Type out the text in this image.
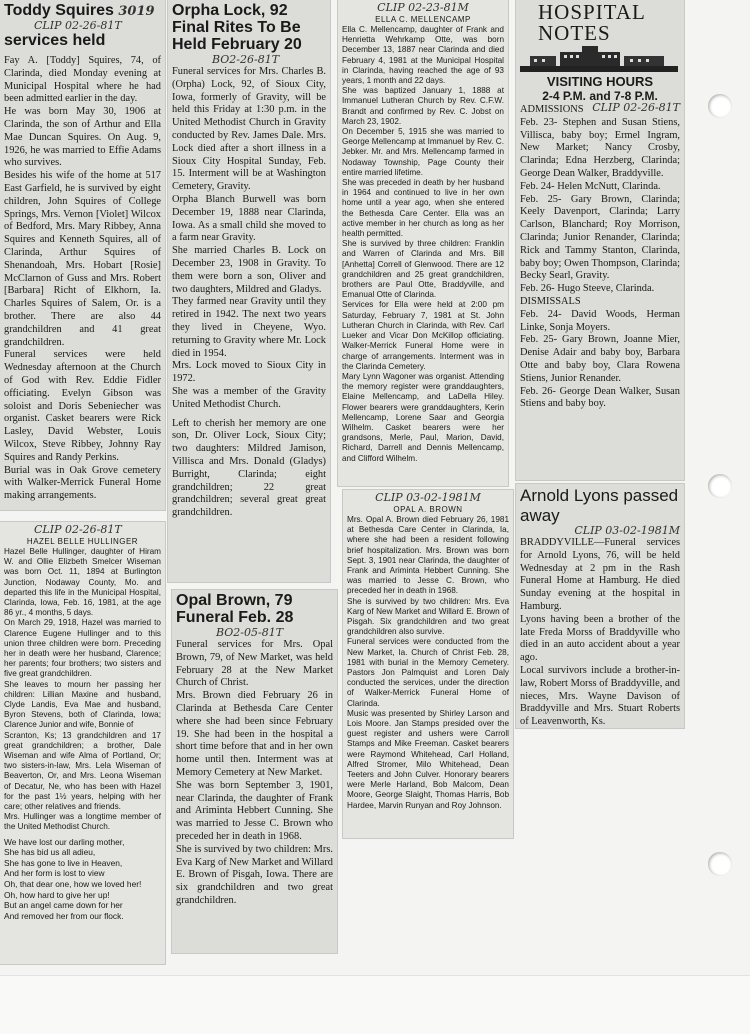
Toddy Squires 3019
CLIP 02-26-81T
services held

Fay A. [Toddy] Squires, 74, of Clarinda, died Monday evening at Municipal Hospital where he had been admitted earlier in the day.

He was born May 30, 1906 at Clarinda, the son of Arthur and Ella Mae Duncan Squires. On Aug. 9, 1926, he was married to Effie Adams who survives.

Besides his wife of the home at 517 East Garfield, he is survived by eight children, John Squires of College Springs, Mrs. Vernon [Violet] Wilcox of Bedford, Mrs. Mary Ribbey, Anna Squires and Kenneth Squires, all of Clarinda, Arthur Squires of Shenandoah, Mrs. Hobart [Rosie] McClarnon of Guss and Mrs. Robert [Barbara] Richt of Elkhorn, Ia. Charles Squires of Salem, Or. is a brother. There are also 44 grandchildren and 41 great grandchildren.

Funeral services were held Wednesday afternoon at the Church of God with Rev. Eddie Fidler officiating. Evelyn Gibson was soloist and Doris Sebeniecher was organist. Casket bearers were Rick Lasley, David Webster, Louis Wilcox, Steve Ribbey, Johnny Ray Squires and Randy Perkins.

Burial was in Oak Grove cemetery with Walker-Merrick Funeral Home making arrangements.

Orpha Lock, 92 Final Rites To Be Held February 20
BO2-26-81T

Funeral services for Mrs. Charles B. (Orpha) Lock, 92, of Sioux City, Iowa, formerly of Gravity, will be held this Friday at 1:30 p.m. in the United Methodist Church in Gravity conducted by Rev. James Dale. Mrs. Lock died after a short illness in a Sioux City Hospital Sunday, Feb. 15. Interment will be at Washington Cemetery, Gravity.

Orpha Blanch Burwell was born December 19, 1888 near Clarinda, Iowa. As a small child she moved to a farm near Gravity.

She married Charles B. Lock on December 23, 1908 in Gravity. To them were born a son, Oliver and two daughters, Mildred and Gladys.

They farmed near Gravity until they retired in 1942. The next two years they lived in Cheyene, Wyo. returning to Gravity where Mr. Lock died in 1954.

Mrs. Lock moved to Sioux City in 1972.

She was a member of the Gravity United Methodist Church.

Left to cherish her memory are one son, Dr. Oliver Lock, Sioux City; two daughters: Mildred Jamison, Villisca and Mrs. Donald (Gladys) Burright, Clarinda; eight grandchildren; 22 great grandchildren; several great great grandchildren.

CLIP 02-23-81M
ELLA C. MELLENCAMP

Ella C. Mellencamp, daughter of Frank and Henrietta Wehrkamp Otte, was born December 13, 1887 near Clarinda and died February 4, 1981 at the Municipal Hospital in Clarinda, having reached the age of 93 years, 1 month and 22 days.

She was baptized January 1, 1888 at Immanuel Lutheran Church by Rev. C.F.W. Brandt and confirmed by Rev. C. Jobst on March 23, 1902.

On December 5, 1915 she was married to George Mellencamp at Immanuel by Rev. C. Jebker. Mr. and Mrs. Mellencamp farmed in Nodaway Township, Page County their entire married lifetime.

She was preceded in death by her husband in 1964 and continued to live in her own home until a year ago, when she entered the Bethesda Care Center. Ella was an active member in her church as long as her health permitted.

She is survived by three children: Franklin and Warren of Clarinda and Mrs. Bill [Anhetta] Correll of Glenwood. There are 12 grandchildren and 25 great grandchildren, brothers are Paul Otte, Braddyville, and Emanual Otte of Clarinda.

Services for Ella were held at 2:00 pm Saturday, February 7, 1981 at St. John Lutheran Church in Clarinda, with Rev. Carl Lueker and Vicar Don McKillop officiating. Walker-Merrick Funeral Home were in charge of arrangements. Interment was in the Clarinda Cemetery.

Mary Lynn Wagoner was organist. Attending the memory register were granddaughters, Elaine Mellencamp, and LaDella Hiley. Flower bearers were granddaughters, Kerin Mellencamp, Lorene Saar and Georgia Wilhelm. Casket bearers were her grandsons, Merle, Paul, Marion, David, Richard, Darrell and Dennis Mellencamp, and Clifford Wilhelm.

HOSPITAL NOTES
VISITING HOURS
2-4 P.M. and 7-8 P.M.
CLIP 02-26-81T
ADMISSIONS

Feb. 23- Stephen and Susan Stiens, Villisca, baby boy; Ermel Ingram, New Market; Nancy Crosby, Clarinda; Edna Herzberg, Clarinda; George Dean Walker, Braddyville.

Feb. 24- Helen McNutt, Clarinda.

Feb. 25- Gary Brown, Clarinda; Keely Davenport, Clarinda; Larry Carlson, Blanchard; Roy Morrison, Clarinda; Junior Renander, Clarinda; Rick and Tammy Stanton, Clarinda, baby boy; Owen Thompson, Clarinda; Becky Searl, Gravity.

Feb. 26- Hugo Steeve, Clarinda.

DISMISSALS

Feb. 24- David Woods, Herman Linke, Sonja Moyers.

Feb. 25- Gary Brown, Joanne Mier, Denise Adair and baby boy, Barbara Otte and baby boy, Clara Rowena Stiens, Junior Renander.

Feb. 26- George Dean Walker, Susan Stiens and baby boy.

CLIP 02-26-81T
HAZEL BELLE HULLINGER

Hazel Belle Hullinger, daughter of Hiram W. and Ollie Elizbeth Smelcer Wiseman was born Oct. 11, 1894 at Burlington Junction, Nodaway County, Mo. and departed this life in the Municipal Hospital, Clarinda, Iowa, Feb. 16, 1981, at the age 86 yr., 4 months, 5 days.

On March 29, 1918, Hazel was married to Clarence Eugene Hullinger and to this union three children were born. Preceding her in death were her husband, Clarence; her parents; four brothers; two sisters and five great grandchildren.

She leaves to mourn her passing her children: Lillian Maxine and husband, Clyde Landis, Eva Mae and husband, Byron Stevens, both of Clarinda, Iowa; Clarence Junior and wife, Bonnie of

Scranton, Ks; 13 grandchildren and 17 great grandchildren; a brother, Dale Wiseman and wife Alma of Portland, Or; two sisters-in-law, Mrs. Lela Wiseman of Beaverton, Or, and Mrs. Leona Wiseman of Decatur, Ne, who has been with Hazel for the past 1½ years, helping with her care; other relatives and friends.

Mrs. Hullinger was a longtime member of the United Methodist Church.

We have lost our darling mother,
She has bid us all adieu,
She has gone to live in Heaven,
And her form is lost to view
Oh, that dear one, how we loved her!
Oh, how hard to give her up!
But an angel came down for her
And removed her from our flock.
Opal Brown, 79 Funeral Feb. 28
BO2-05-81T

Funeral services for Mrs. Opal Brown, 79, of New Market, was held February 28 at the New Market Church of Christ.

Mrs. Brown died February 26 in Clarinda at Bethesda Care Center where she had been since February 19. She had been in the hospital a short time before that and in her own home until then. Interment was at Memory Cemetery at New Market.

She was born September 3, 1901, near Clarinda, the daughter of Frank and Ariminta Hebbert Cunning. She was married to Jesse C. Brown who preceded her in death in 1968.

She is survived by two children: Mrs. Eva Karg of New Market and Willard E. Brown of Pisgah, Iowa. There are six grandchildren and two great grandchildren.

CLIP 03-02-1981M
OPAL A. BROWN

Mrs. Opal A. Brown died February 26, 1981 at Bethesda Care Center in Clarinda, Ia, where she had been a resident following brief hospitalization. Mrs. Brown was born Sept. 3, 1901 near Clarinda, the daughter of Frank and Ariminta Hebbert Cunning. She was married to Jesse C. Brown, who preceded her in death in 1968.

She is survived by two children: Mrs. Eva Karg of New Market and Willard E. Brown of Pisgah. Six grandchildren and two great grandchildren also survive.

Funeral services were conducted from the New Market, Ia. Church of Christ Feb. 28, 1981 with burial in the Memory Cemetery. Pastors Jon Palmquist and Loren Daly conducted the services, under the direction of Walker-Merrick Funeral Home of Clarinda.

Music was presented by Shirley Larson and Lois Moore. Jan Stamps presided over the guest register and ushers were Carroll Stamps and Mike Freeman. Casket bearers were Raymond Whitehead, Carl Holland, Alfred Stromer, Milo Whitehead, Dean Teeters and John Culver. Honorary bearers were Merle Harland, Bob Malcom, Dean Moore, George Slaight, Thomas Harris, Bob Hardee, Marvin Runyan and Roy Johnson.

Arnold Lyons passed away
CLIP 03-02-1981M

BRADDYVILLE—Funeral services for Arnold Lyons, 76, will be held Wednesday at 2 pm in the Rash Funeral Home at Hamburg. He died Sunday evening at the hospital in Hamburg.

Lyons having been a brother of the late Freda Morss of Braddyville who died in an auto accident about a year ago.

Local survivors include a brother-in-law, Robert Morss of Braddyville, and nieces, Mrs. Wayne Davison of Braddyville and Mrs. Stuart Roberts of Leavenworth, Ks.
